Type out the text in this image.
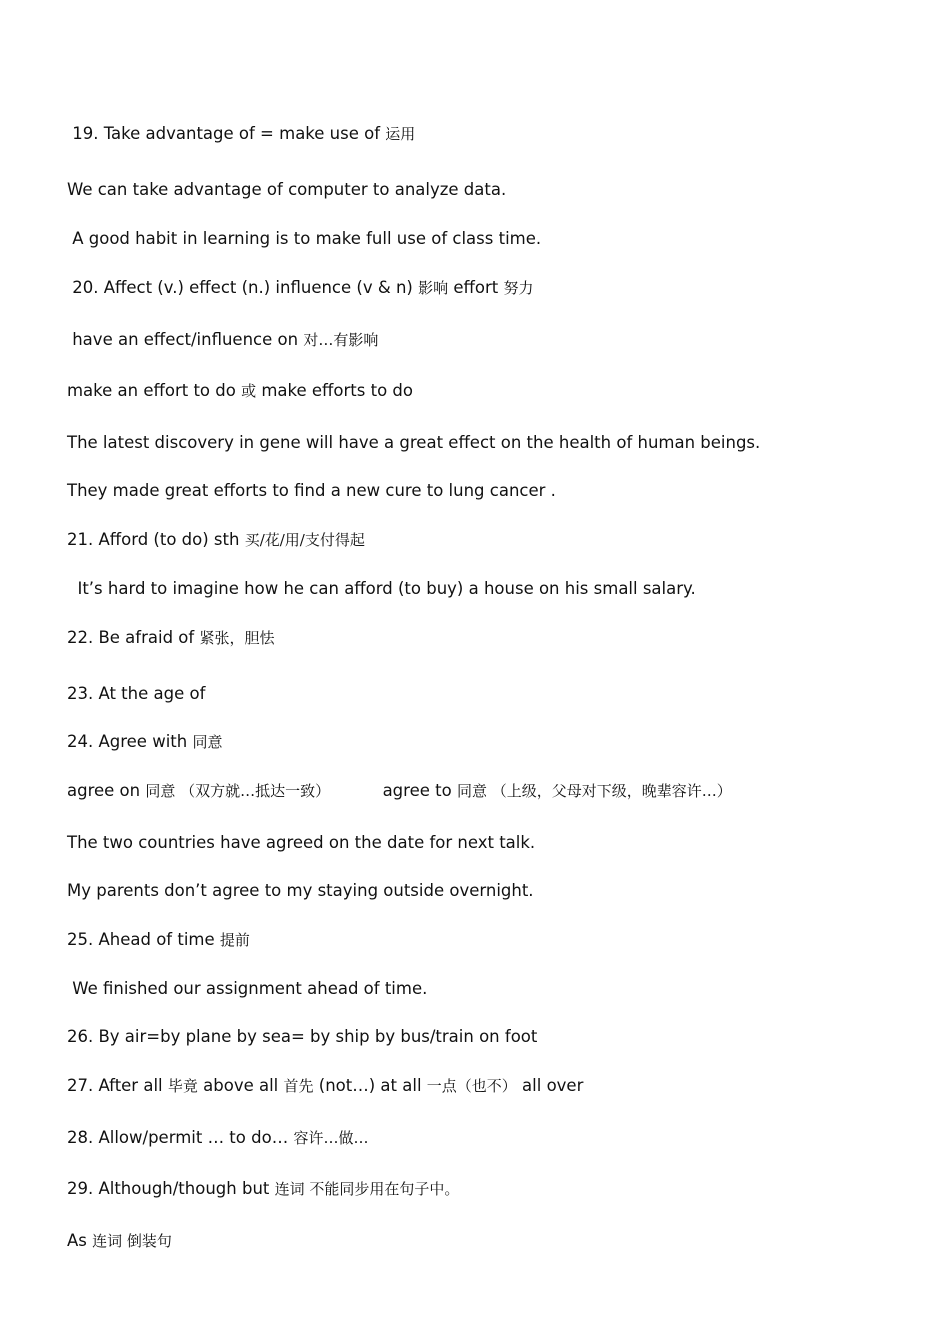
19. Take advantage of = make use of 运用

We can take advantage of computer to analyze data.

A good habit in learning is to make full use of class time.

20. Affect (v.) effect (n.) influence (v & n) 影响 effort 努力

have an effect/influence on 对…有影响

make an effort to do 或 make efforts to do

The latest discovery in gene will have a great effect on the health of human beings.

They made great efforts to find a new cure to lung cancer .

21. Afford (to do) sth 买/花/用/支付得起

It’s hard to imagine how he can afford (to buy) a house on his small salary.

22. Be afraid of 紧张，胆怯

23. At the age of

24. Agree with 同意

agree on 同意 （双方就…抵达一致）          agree to 同意 （上级，父母对下级，晚辈容许…）

The two countries have agreed on the date for next talk.

My parents don’t agree to my staying outside overnight.

25. Ahead of time 提前

We finished our assignment ahead of time.

26. By air=by plane by sea= by ship by bus/train on foot

27. After all 毕竟 above all 首先 (not…) at all 一点（也不） all over

28. Allow/permit … to do… 容许…做…

29. Although/though but 连词 不能同步用在句子中。

As 连词 倒装句
